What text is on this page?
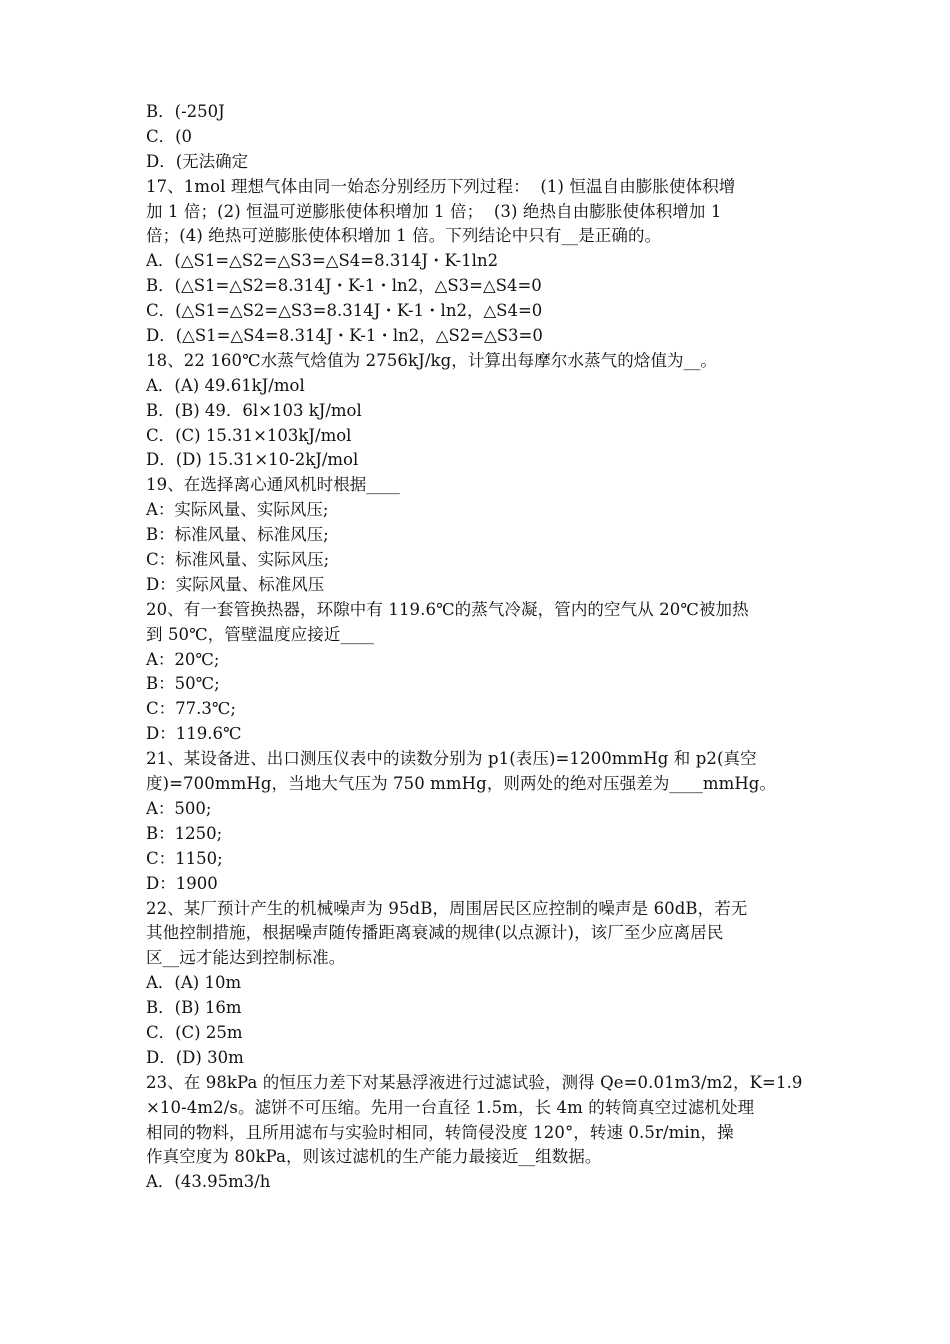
B．(-250J
C．(0
D．(无法确定
17、1mol 理想气体由同一始态分别经历下列过程：  (1) 恒温自由膨胀使体积增
加 1 倍；(2) 恒温可逆膨胀使体积增加 1 倍；  (3) 绝热自由膨胀使体积增加 1
倍；(4) 绝热可逆膨胀使体积增加 1 倍。下列结论中只有__是正确的。
A．(△S1=△S2=△S3=△S4=8.314J・K-1ln2
B．(△S1=△S2=8.314J・K-1・ln2，△S3=△S4=0
C．(△S1=△S2=△S3=8.314J・K-1・ln2，△S4=0
D．(△S1=△S4=8.314J・K-1・ln2，△S2=△S3=0
18、22 160℃水蒸气焓值为 2756kJ/kg，计算出每摩尔水蒸气的焓值为__。
A．(A) 49.61kJ/mol
B．(B) 49．6l×103 kJ/mol
C．(C) 15.31×103kJ/mol
D．(D) 15.31×10-2kJ/mol
19、在选择离心通风机时根据____
A：实际风量、实际风压;
B：标准风量、标准风压;
C：标准风量、实际风压;
D：实际风量、标准风压
20、有一套管换热器，环隙中有 119.6℃的蒸气冷凝，管内的空气从 20℃被加热
到 50℃，管壁温度应接近____
A：20℃;
B：50℃;
C：77.3℃;
D：119.6℃
21、某设备进、出口测压仪表中的读数分别为 p1(表压)=1200mmHg 和 p2(真空
度)=700mmHg，当地大气压为 750 mmHg，则两处的绝对压强差为____mmHg。
A：500;
B：1250;
C：1150;
D：1900
22、某厂预计产生的机械噪声为 95dB，周围居民区应控制的噪声是 60dB，若无
其他控制措施，根据噪声随传播距离衰减的规律(以点源计)，该厂至少应离居民
区__远才能达到控制标准。
A．(A) 10m
B．(B) 16m
C．(C) 25m
D．(D) 30m
23、在 98kPa 的恒压力差下对某悬浮液进行过滤试验，测得 Qe=0.01m3/m2，K=1.9
×10-4m2/s。滤饼不可压缩。先用一台直径 1.5m，长 4m 的转筒真空过滤机处理
相同的物料，且所用滤布与实验时相同，转筒侵没度 120°，转速 0.5r/min，操
作真空度为 80kPa，则该过滤机的生产能力最接近__组数据。
A．(43.95m3/h
